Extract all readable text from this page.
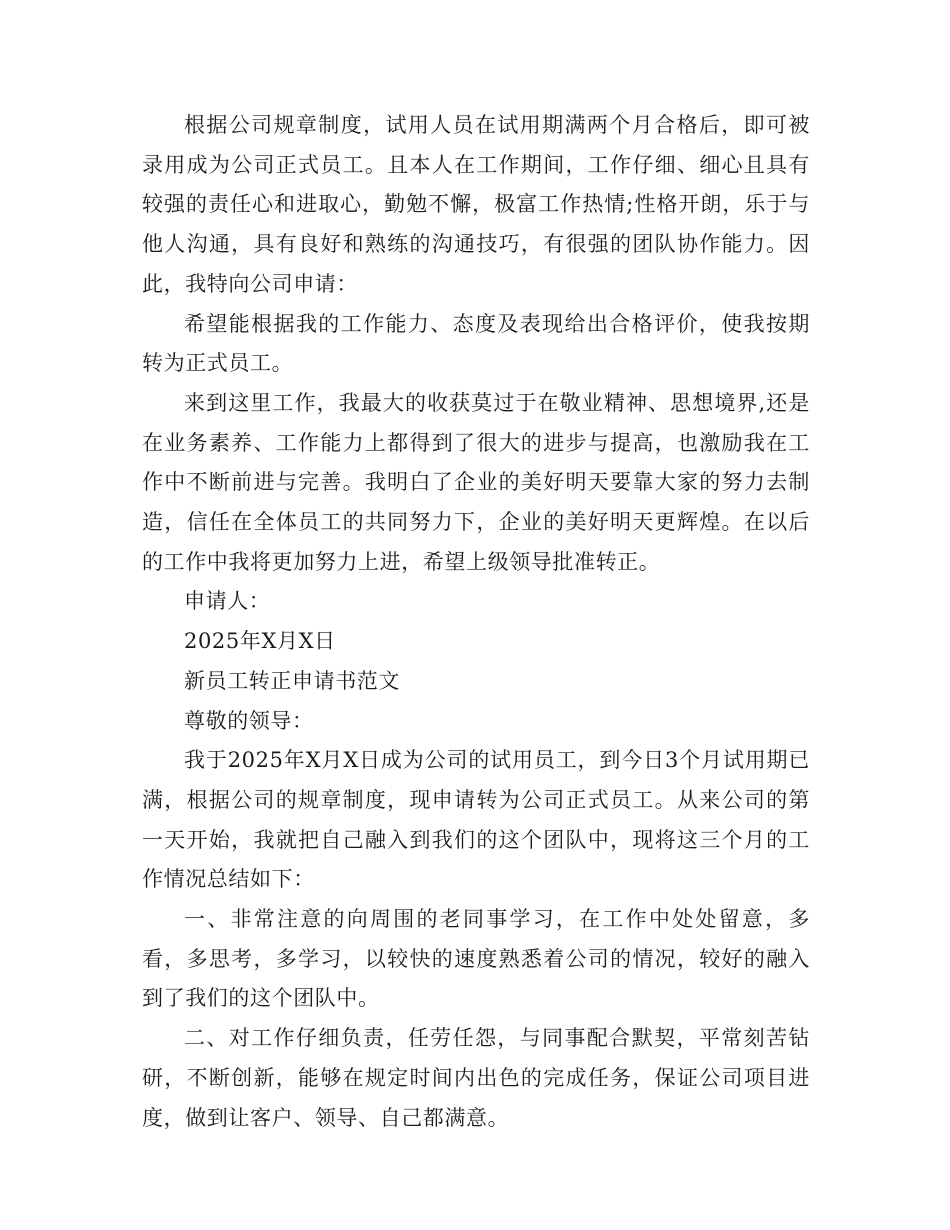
根据公司规章制度，试用人员在试用期满两个月合格后，即可被录用成为公司正式员工。且本人在工作期间，工作仔细、细心且具有较强的责任心和进取心，勤勉不懈，极富工作热情;性格开朗，乐于与他人沟通，具有良好和熟练的沟通技巧，有很强的团队协作能力。因此，我特向公司申请：

希望能根据我的工作能力、态度及表现给出合格评价，使我按期转为正式员工。

来到这里工作，我最大的收获莫过于在敬业精神、思想境界,还是在业务素养、工作能力上都得到了很大的进步与提高，也激励我在工作中不断前进与完善。我明白了企业的美好明天要靠大家的努力去制造，信任在全体员工的共同努力下，企业的美好明天更辉煌。在以后的工作中我将更加努力上进，希望上级领导批准转正。

申请人：

2025年X月X日

新员工转正申请书范文

尊敬的领导：

我于2025年X月X日成为公司的试用员工，到今日3个月试用期已满，根据公司的规章制度，现申请转为公司正式员工。从来公司的第一天开始，我就把自己融入到我们的这个团队中，现将这三个月的工作情况总结如下：

一、非常注意的向周围的老同事学习，在工作中处处留意，多看，多思考，多学习，以较快的速度熟悉着公司的情况，较好的融入到了我们的这个团队中。

二、对工作仔细负责，任劳任怨，与同事配合默契，平常刻苦钻研，不断创新，能够在规定时间内出色的完成任务，保证公司项目进度，做到让客户、领导、自己都满意。
